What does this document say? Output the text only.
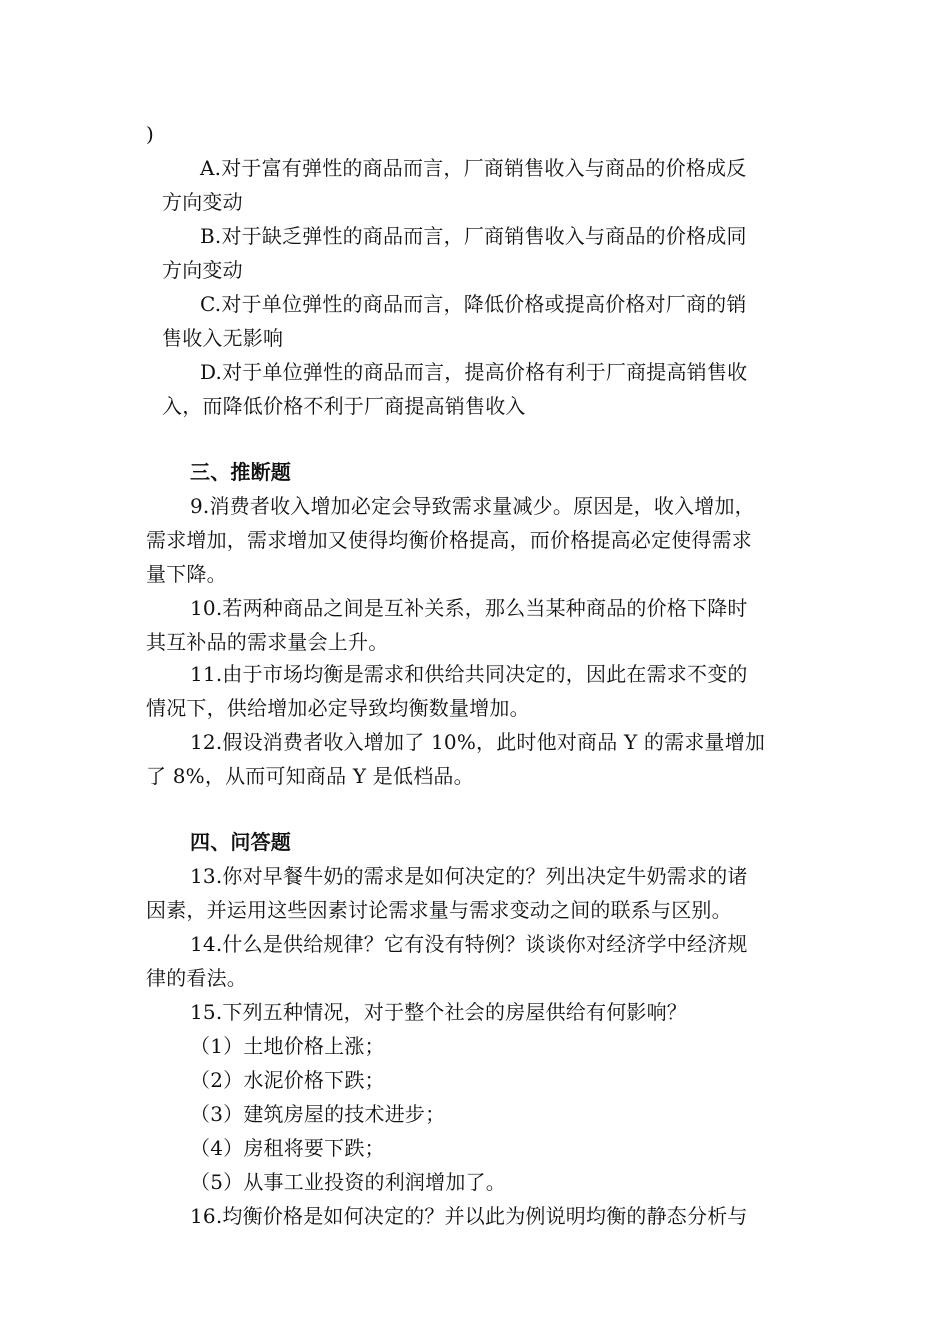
)
A.对于富有弹性的商品而言，厂商销售收入与商品的价格成反
方向变动
B.对于缺乏弹性的商品而言，厂商销售收入与商品的价格成同
方向变动
C.对于单位弹性的商品而言，降低价格或提高价格对厂商的销
售收入无影响
D.对于单位弹性的商品而言，提高价格有利于厂商提高销售收
入，而降低价格不利于厂商提高销售收入
三、推断题
9.消费者收入增加必定会导致需求量减少。原因是，收入增加，
需求增加，需求增加又使得均衡价格提高，而价格提高必定使得需求
量下降。
10.若两种商品之间是互补关系，那么当某种商品的价格下降时
其互补品的需求量会上升。
11.由于市场均衡是需求和供给共同决定的，因此在需求不变的
情况下，供给增加必定导致均衡数量增加。
12.假设消费者收入增加了 10%，此时他对商品 Y 的需求量增加
了 8%，从而可知商品 Y 是低档品。
四、问答题
13.你对早餐牛奶的需求是如何决定的？列出决定牛奶需求的诸
因素，并运用这些因素讨论需求量与需求变动之间的联系与区别。
14.什么是供给规律？它有没有特例？谈谈你对经济学中经济规
律的看法。
15.下列五种情况，对于整个社会的房屋供给有何影响？
（1）土地价格上涨；
（2）水泥价格下跌；
（3）建筑房屋的技术进步；
（4）房租将要下跌；
（5）从事工业投资的利润增加了。
16.均衡价格是如何决定的？并以此为例说明均衡的静态分析与
